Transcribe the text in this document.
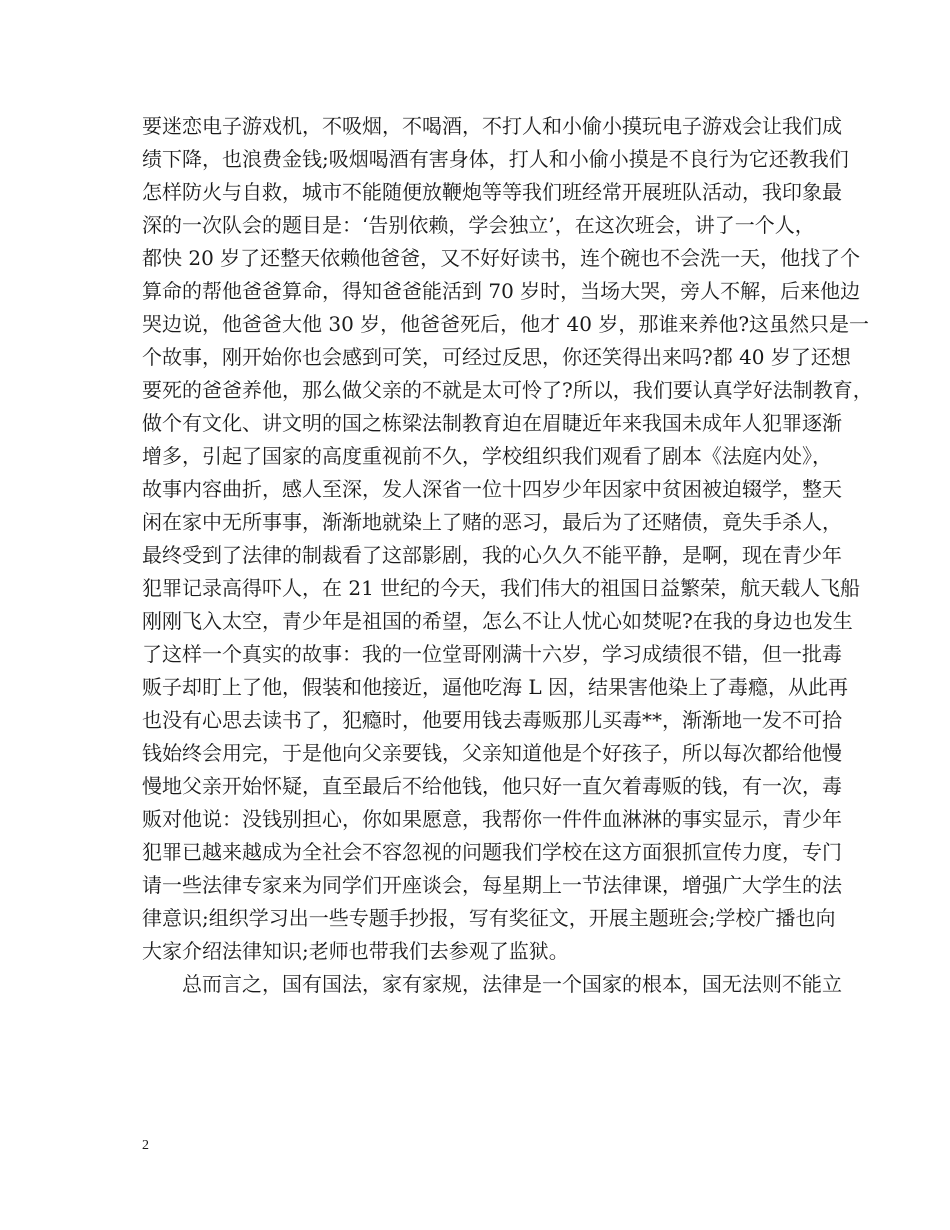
要迷恋电子游戏机，不吸烟，不喝酒，不打人和小偷小摸玩电子游戏会让我们成
绩下降，也浪费金钱;吸烟喝酒有害身体，打人和小偷小摸是不良行为它还教我们
怎样防火与自救，城市不能随便放鞭炮等等我们班经常开展班队活动，我印象最
深的一次队会的题目是：‘告别依赖，学会独立’，在这次班会，讲了一个人，
都快 20 岁了还整天依赖他爸爸，又不好好读书，连个碗也不会洗一天，他找了个
算命的帮他爸爸算命，得知爸爸能活到 70 岁时，当场大哭，旁人不解，后来他边
哭边说，他爸爸大他 30 岁，他爸爸死后，他才 40 岁，那谁来养他?这虽然只是一
个故事，刚开始你也会感到可笑，可经过反思，你还笑得出来吗?都 40 岁了还想
要死的爸爸养他，那么做父亲的不就是太可怜了?所以，我们要认真学好法制教育，
做个有文化、讲文明的国之栋梁法制教育迫在眉睫近年来我国未成年人犯罪逐渐
增多，引起了国家的高度重视前不久，学校组织我们观看了剧本《法庭内处》，
故事内容曲折，感人至深，发人深省一位十四岁少年因家中贫困被迫辍学，整天
闲在家中无所事事，渐渐地就染上了赌的恶习，最后为了还赌债，竟失手杀人，
最终受到了法律的制裁看了这部影剧，我的心久久不能平静，是啊，现在青少年
犯罪记录高得吓人，在 21 世纪的今天，我们伟大的祖国日益繁荣，航天载人飞船
刚刚飞入太空，青少年是祖国的希望，怎么不让人忧心如焚呢?在我的身边也发生
了这样一个真实的故事：我的一位堂哥刚满十六岁，学习成绩很不错，但一批毒
贩子却盯上了他，假装和他接近，逼他吃海 L 因，结果害他染上了毒瘾，从此再
也没有心思去读书了，犯瘾时，他要用钱去毒贩那儿买毒**，渐渐地一发不可拾
钱始终会用完，于是他向父亲要钱，父亲知道他是个好孩子，所以每次都给他慢
慢地父亲开始怀疑，直至最后不给他钱，他只好一直欠着毒贩的钱，有一次，毒
贩对他说：没钱别担心，你如果愿意，我帮你一件件血淋淋的事实显示，青少年
犯罪已越来越成为全社会不容忽视的问题我们学校在这方面狠抓宣传力度，专门
请一些法律专家来为同学们开座谈会，每星期上一节法律课，增强广大学生的法
律意识;组织学习出一些专题手抄报，写有奖征文，开展主题班会;学校广播也向
大家介绍法律知识;老师也带我们去参观了监狱。
　　总而言之，国有国法，家有家规，法律是一个国家的根本，国无法则不能立
2
